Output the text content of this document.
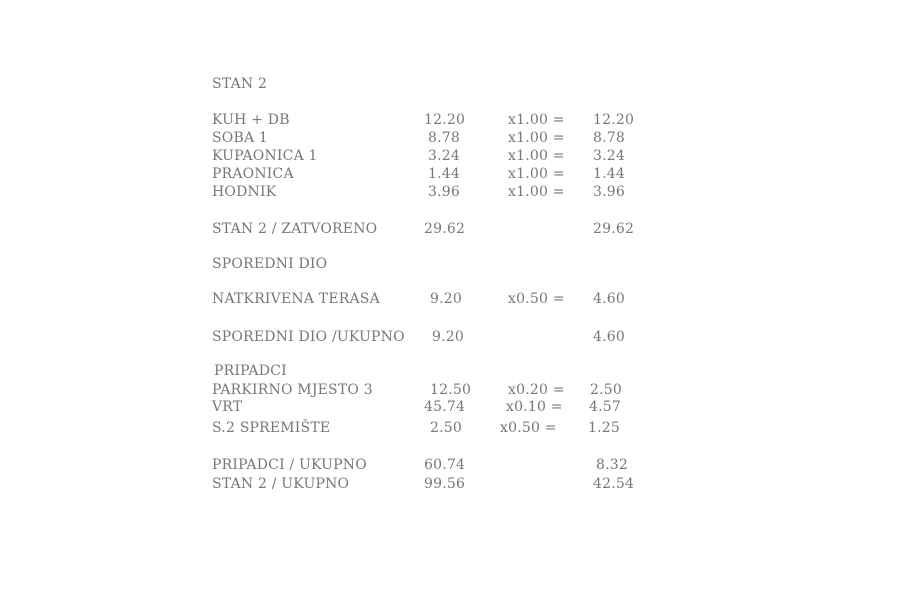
STAN 2
KUH + DB	12.20	x1.00 = 12.20
SOBA 1	8.78	x1.00 = 8.78
KUPAONICA 1	3.24	x1.00 = 3.24
PRAONICA	1.44	x1.00 = 1.44
HODNIK	3.96	x1.00 = 3.96
STAN 2 / ZATVORENO	29.62	29.62
SPOREDNI DIO
NATKRIVENA TERASA	9.20	x0.50 = 4.60
SPOREDNI DIO /UKUPNO 9.20	4.60
PRIPADCI
PARKIRNO MJESTO 3	12.50	x0.20 = 2.50
VRT	45.74	x0.10 = 4.57
S.2 SPREMIŠTE	2.50	x0.50 = 1.25
PRIPADCI / UKUPNO	60.74	8.32
STAN 2 / UKUPNO	99.56	42.54
